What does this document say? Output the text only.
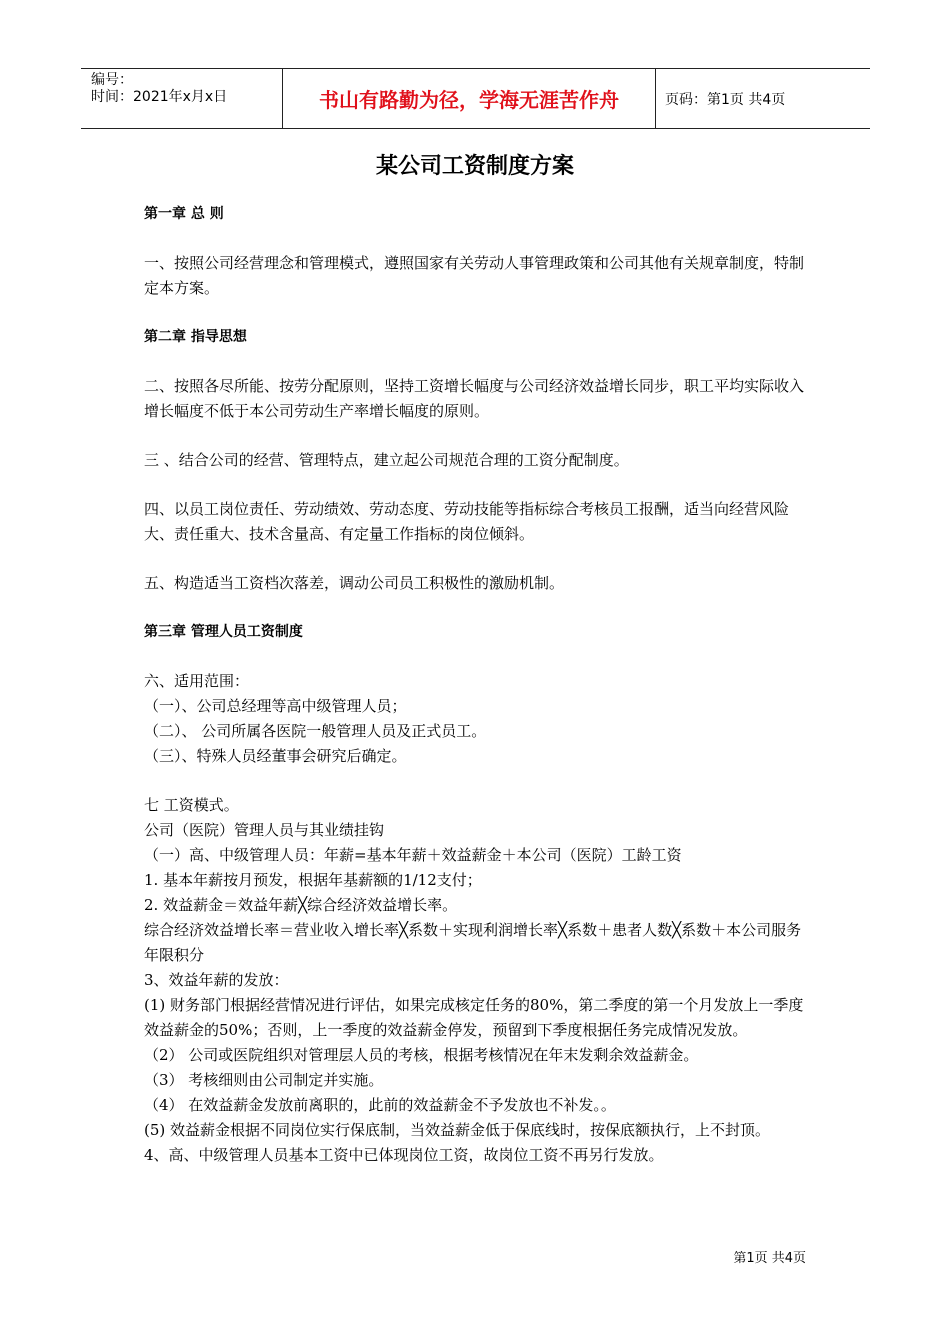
编号：
时间：2021年x月x日	书山有路勤为径，学海无涯苦作舟	页码：第1页 共4页
某公司工资制度方案

第一章 总 则

一、按照公司经营理念和管理模式，遵照国家有关劳动人事管理政策和公司其他有关规章制度，特制定本方案。

第二章 指导思想

二、按照各尽所能、按劳分配原则，坚持工资增长幅度与公司经济效益增长同步，职工平均实际收入增长幅度不低于本公司劳动生产率增长幅度的原则。

三 、结合公司的经营、管理特点，建立起公司规范合理的工资分配制度。

四、以员工岗位责任、劳动绩效、劳动态度、劳动技能等指标综合考核员工报酬，适当向经营风险大、责任重大、技术含量高、有定量工作指标的岗位倾斜。

五、构造适当工资档次落差，调动公司员工积极性的激励机制。

第三章 管理人员工资制度

六、适用范围：

（一）、公司总经理等高中级管理人员；

（二）、 公司所属各医院一般管理人员及正式员工。

（三）、特殊人员经董事会研究后确定。

七 工资模式。

公司（医院）管理人员与其业绩挂钩

（一）高、中级管理人员：年薪=基本年薪＋效益薪金＋本公司（医院）工龄工资

1. 基本年薪按月预发，根据年基薪额的1/12支付；

2. 效益薪金＝效益年薪╳综合经济效益增长率。

综合经济效益增长率＝营业收入增长率╳系数＋实现利润增长率╳系数＋患者人数╳系数＋本公司服务年限积分

3、效益年薪的发放：

(1) 财务部门根据经营情况进行评估，如果完成核定任务的80%，第二季度的第一个月发放上一季度效益薪金的50%；否则，上一季度的效益薪金停发，预留到下季度根据任务完成情况发放。

（2） 公司或医院组织对管理层人员的考核，根据考核情况在年末发剩余效益薪金。

（3） 考核细则由公司制定并实施。

（4） 在效益薪金发放前离职的，此前的效益薪金不予发放也不补发。。

(5) 效益薪金根据不同岗位实行保底制，当效益薪金低于保底线时，按保底额执行，上不封顶。

4、高、中级管理人员基本工资中已体现岗位工资，故岗位工资不再另行发放。

第1页 共4页
